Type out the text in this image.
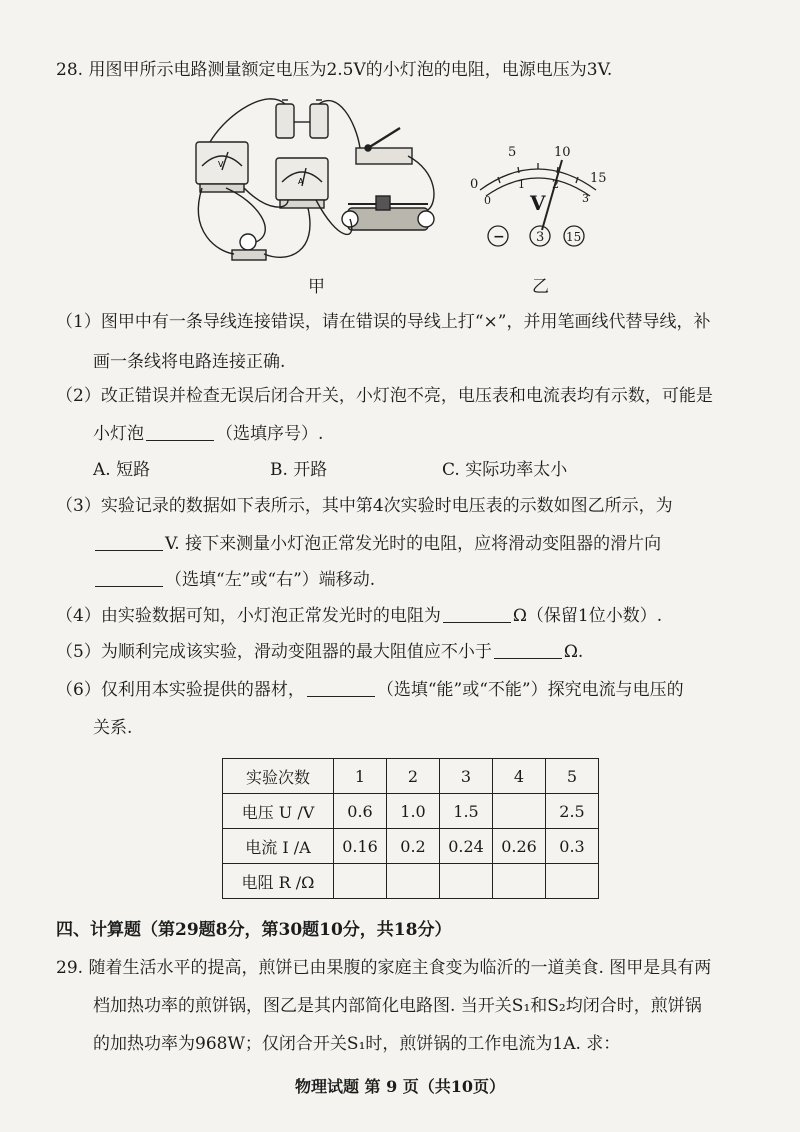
28. 用图甲所示电路测量额定电压为2.5V的小灯泡的电阻，电源电压为3V.
V
A
甲
0
5	10
15
0
1 2
3
V
− 3 15
乙
（1）图甲中有一条导线连接错误，请在错误的导线上打“×”，并用笔画线代替导线，补
画一条线将电路连接正确.
（2）改正错误并检查无误后闭合开关，小灯泡不亮，电压表和电流表均有示数，可能是
小灯泡	（选填序号）.
A. 短路	B. 开路	C. 实际功率太小
（3）实验记录的数据如下表所示，其中第4次实验时电压表的示数如图乙所示，为
V. 接下来测量小灯泡正常发光时的电阻，应将滑动变阻器的滑片向
（选填“左”或“右”）端移动.
（4）由实验数据可知，小灯泡正常发光时的电阻为	Ω（保留1位小数）.
（5）为顺利完成该实验，滑动变阻器的最大阻值应不小于	Ω.
（6）仅利用本实验提供的器材，	（选填“能”或“不能”）探究电流与电压的
关系.
实验次数	1	2	3	4	5
电压 U /V	0.6	1.0	1.5		2.5
电流 I /A	0.16	0.2	0.24	0.26	0.3
电阻 R /Ω					
四、计算题（第29题8分，第30题10分，共18分）
29. 随着生活水平的提高，煎饼已由果腹的家庭主食变为临沂的一道美食. 图甲是具有两
档加热功率的煎饼锅，图乙是其内部简化电路图. 当开关S₁和S₂均闭合时，煎饼锅
的加热功率为968W；仅闭合开关S₁时，煎饼锅的工作电流为1A. 求：
物理试题 第 9 页（共10页）
